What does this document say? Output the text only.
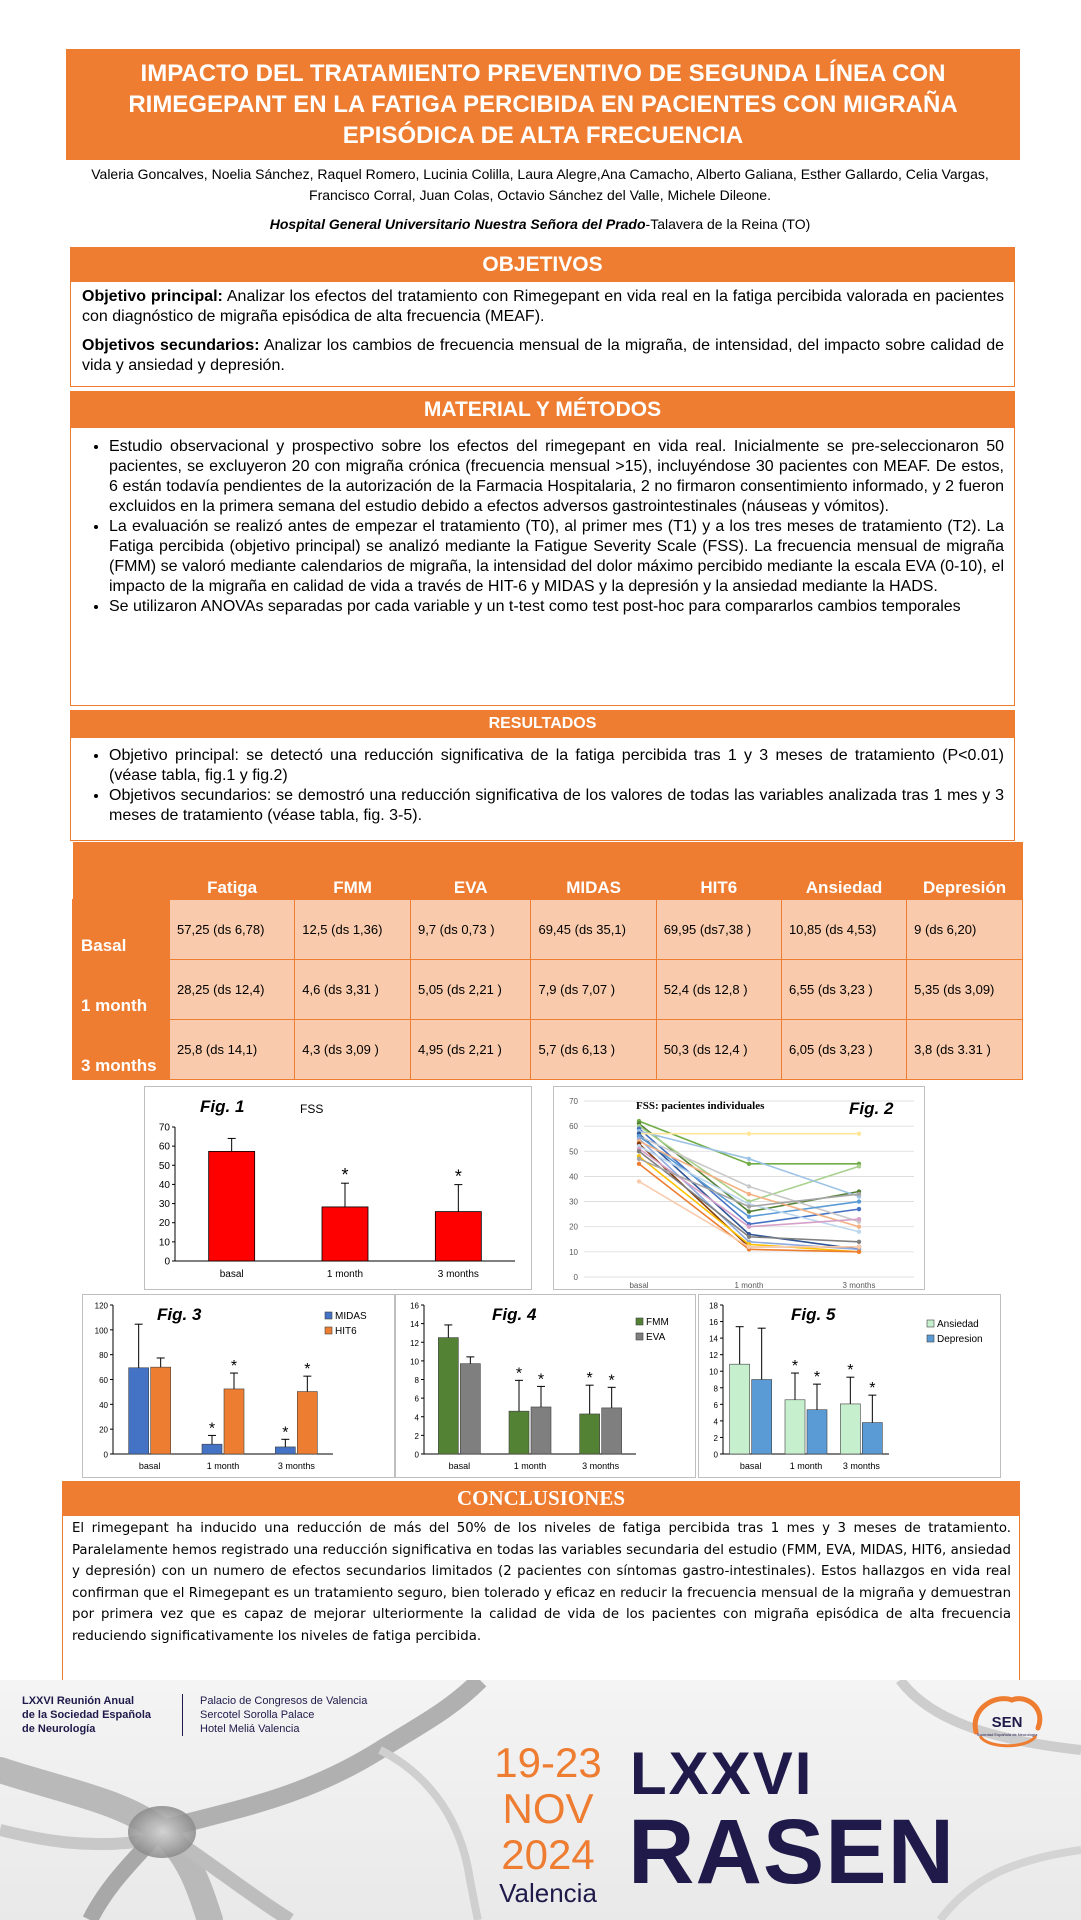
IMPACTO DEL TRATAMIENTO PREVENTIVO DE SEGUNDA LÍNEA CON RIMEGEPANT EN LA FATIGA PERCIBIDA EN PACIENTES CON MIGRAÑA EPISÓDICA DE ALTA FRECUENCIA
Valeria Goncalves, Noelia Sánchez, Raquel Romero, Lucinia Colilla, Laura Alegre,Ana Camacho, Alberto Galiana, Esther Gallardo, Celia Vargas, Francisco Corral, Juan Colas, Octavio Sánchez del Valle, Michele Dileone.
Hospital General Universitario Nuestra Señora del Prado-Talavera de la Reina (TO)
OBJETIVOS

Objetivo principal: Analizar los efectos del tratamiento con Rimegepant en vida real en la fatiga percibida valorada en pacientes con diagnóstico de migraña episódica de alta frecuencia (MEAF).

Objetivos secundarios: Analizar los cambios de frecuencia mensual de la migraña, de intensidad, del impacto sobre calidad de vida y ansiedad y depresión.

MATERIAL Y MÉTODOS
• Estudio observacional y prospectivo sobre los efectos del rimegepant en vida real. Inicialmente se pre-seleccionaron 50 pacientes, se excluyeron 20 con migraña crónica (frecuencia mensual >15), incluyéndose 30 pacientes con MEAF. De estos, 6 están todavía pendientes de la autorización de la Farmacia Hospitalaria, 2 no firmaron consentimiento informado, y 2 fueron excluidos en la primera semana del estudio debido a efectos adversos gastrointestinales (náuseas y vómitos).
• La evaluación se realizó antes de empezar el tratamiento (T0), al primer mes (T1) y a los tres meses de tratamiento (T2). La Fatiga percibida (objetivo principal) se analizó mediante la Fatigue Severity Scale (FSS). La frecuencia mensual de migraña (FMM) se valoró mediante calendarios de migraña, la intensidad del dolor máximo percibido mediante la escala EVA (0-10), el impacto de la migraña en calidad de vida a través de HIT-6 y MIDAS y la depresión y la ansiedad mediante la HADS.
• Se utilizaron ANOVAs separadas por cada variable y un t-test como test post-hoc para compararlos cambios temporales
RESULTADOS
• Objetivo principal: se detectó una reducción significativa de la fatiga percibida tras 1 y 3 meses de tratamiento (P<0.01) (véase tabla, fig.1 y fig.2)
• Objetivos secundarios: se demostró una reducción significativa de los valores de todas las variables analizada tras 1 mes y 3 meses de tratamiento (véase tabla, fig. 3-5).
	Fatiga	FMM	EVA	MIDAS	HIT6	Ansiedad	Depresión
Basal	57,25 (ds 6,78)	12,5 (ds 1,36)	9,7 (ds 0,73 )	69,45 (ds 35,1)	69,95 (ds7,38 )	10,85 (ds 4,53)	9 (ds 6,20)
1 month	28,25 (ds 12,4)	4,6 (ds 3,31 )	5,05 (ds 2,21 )	7,9 (ds 7,07 )	52,4 (ds 12,8 )	6,55 (ds 3,23 )	5,35 (ds 3,09)
3 months	25,8 (ds 14,1)	4,3 (ds 3,09 )	4,95 (ds 2,21 )	5,7 (ds 6,13 )	50,3 (ds 12,4 )	6,05 (ds 3,23 )	3,8 (ds 3.31 )
Fig. 1	FSS
0
10
20
30
40
50
60
70
basal
*
1 month
*
3 months	0
10
20
30
40
50
60
70	FSS: pacientes individuales	Fig. 2
basal	1 month	3 months
Fig. 3
0
20
40
60
80
100
120
basal
*
*
1 month
*
*
3 months
MIDAS
HIT6
Fig. 4
0
2
4
6
8
10
12
14
16
basal
* *
1 month
* *
3 months
FMM
EVA
Fig. 5
0
2
4
6
8
10
12
14
16
18
basal
*
*
1 month
*
*
3 months
Ansiedad
Depresion
CONCLUSIONES

El rimegepant ha inducido una reducción de más del 50% de los niveles de fatiga percibida tras 1 mes y 3 meses de tratamiento. Paralelamente hemos registrado una reducción significativa en todas las variables secundaria del estudio (FMM, EVA, MIDAS, HIT6, ansiedad y depresión) con un numero de efectos secundarios limitados (2 pacientes con síntomas gastro-intestinales). Estos hallazgos en vida real confirman que el Rimegepant es un tratamiento seguro, bien tolerado y eficaz en reducir la frecuencia mensual de la migraña y demuestran por primera vez que es capaz de mejorar ulteriormente la calidad de vida de los pacientes con migraña episódica de alta frecuencia reduciendo significativamente los niveles de fatiga percibida.

LXXVI Reunión Anual
de la Sociedad Española
de Neurología
Palacio de Congresos de Valencia
Sercotel Sorolla Palace
Hotel Meliá Valencia
19-23
NOV
2024
Valencia
LXXVI
RASEN
SEN
Sociedad Española de Neurología
